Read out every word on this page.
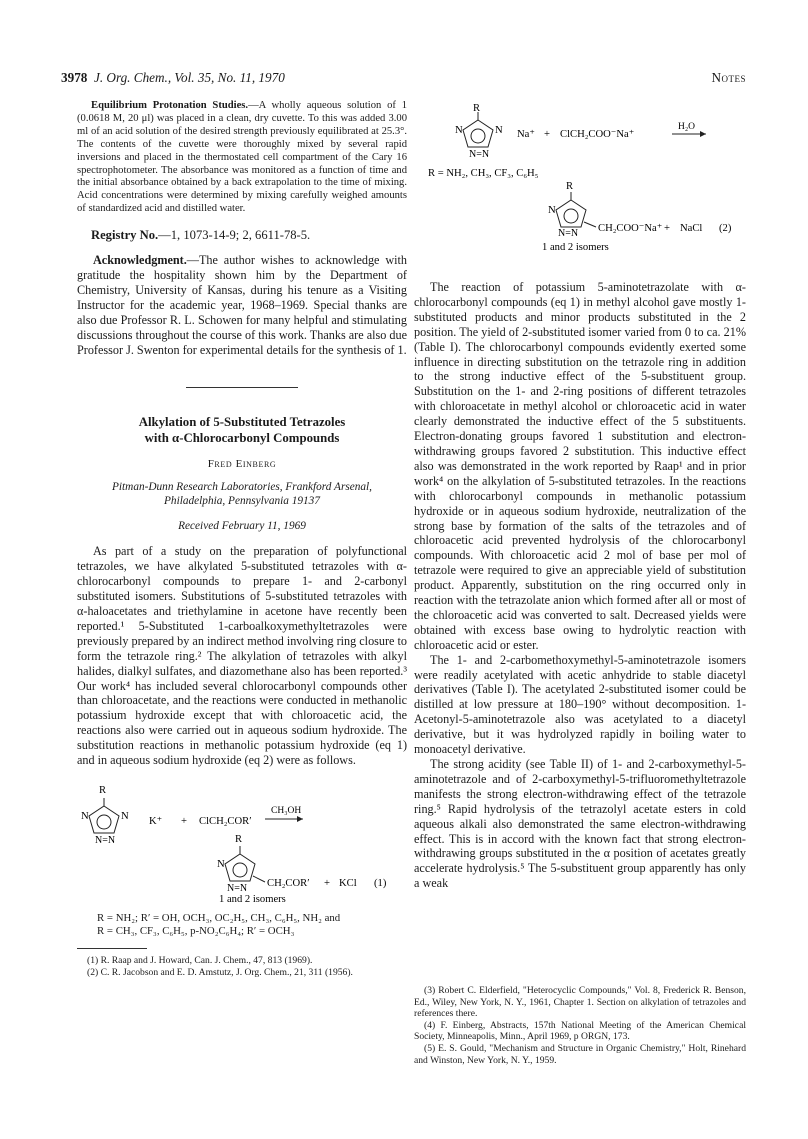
3978 J. Org. Chem., Vol. 35, No. 11, 1970	Notes

Equilibrium Protonation Studies.—A wholly aqueous solution of 1 (0.0618 M, 20 μl) was placed in a clean, dry cuvette. To this was added 3.00 ml of an acid solution of the desired strength previously equilibrated at 25.3°. The contents of the cuvette were thoroughly mixed by several rapid inversions and placed in the thermostated cell compartment of the Cary 16 spectrophotometer. The absorbance was monitored as a function of time and the initial absorbance obtained by a back extrapolation to the time of mixing. Acid concentrations were determined by mixing carefully weighed amounts of standardized acid and distilled water.

Registry No.—1, 1073-14-9; 2, 6611-78-5.

Acknowledgment.—The author wishes to acknowledge with gratitude the hospitality shown him by the Department of Chemistry, University of Kansas, during his tenure as a Visiting Instructor for the academic year, 1968–1969. Special thanks are also due Professor R. L. Schowen for many helpful and stimulating discussions throughout the course of this work. Thanks are also due Professor J. Swenton for experimental details for the synthesis of 1.

Alkylation of 5-Substituted Tetrazoles

with α-Chlorocarbonyl Compounds

Fred Einberg
Pitman-Dunn Research Laboratories, Frankford Arsenal,
Philadelphia, Pennsylvania 19137
Received February 11, 1969

As part of a study on the preparation of polyfunctional tetrazoles, we have alkylated 5-substituted tetrazoles with α-chlorocarbonyl compounds to prepare 1- and 2-carbonyl substituted isomers. Substitutions of 5-substituted tetrazoles with α-haloacetates and triethylamine in acetone have recently been reported.¹ 5-Substituted 1-carboalkoxymethyltetrazoles were previously prepared by an indirect method involving ring closure to form the tetrazole ring.² The alkylation of tetrazoles with alkyl halides, dialkyl sulfates, and diazomethane also has been reported.³ Our work⁴ has included several chlorocarbonyl compounds other than chloroacetate, and the reactions were conducted in methanolic potassium hydroxide except that with chloroacetic acid, the reactions also were carried out in aqueous sodium hydroxide. The substitution reactions in methanolic potassium hydroxide (eq 1) and in aqueous sodium hydroxide (eq 2) were as follows.

R
N	N
N=N
K⁺ + ClCH₂COR′
CH₃OH
R
N
N=N CH₂COR′ + KCl (1)
1 and 2 isomers
R = NH₂; R′ = OH, OCH₃, OC₂H₅, CH₃, C₆H₅, NH₂ and
R = CH₃, CF₃, C₆H₅, p-NO₂C₆H₄; R′ = OCH₃

(1) R. Raap and J. Howard, Can. J. Chem., 47, 813 (1969).

(2) C. R. Jacobson and E. D. Amstutz, J. Org. Chem., 21, 311 (1956).

R
N	N
N=N
Na⁺ + ClCH₂COO⁻Na⁺
H₂O
R = NH₂, CH₃, CF₃, C₆H₅
R
N
N=N CH₂COO⁻Na⁺ + NaCl (2)
1 and 2 isomers

The reaction of potassium 5-aminotetrazolate with α-chlorocarbonyl compounds (eq 1) in methyl alcohol gave mostly 1-substituted products and minor products substituted in the 2 position. The yield of 2-substituted isomer varied from 0 to ca. 21% (Table I). The chlorocarbonyl compounds evidently exerted some influence in directing substitution on the tetrazole ring in addition to the strong inductive effect of the 5-substituent group. Substitution on the 1- and 2-ring positions of different tetrazoles with chloroacetate in methyl alcohol or chloroacetic acid in water clearly demonstrated the inductive effect of the 5 substituents. Electron-donating groups favored 1 substitution and electron-withdrawing groups favored 2 substitution. This inductive effect also was demonstrated in the work reported by Raap¹ and in prior work⁴ on the alkylation of 5-substituted tetrazoles. In the reactions with chlorocarbonyl compounds in methanolic potassium hydroxide or in aqueous sodium hydroxide, neutralization of the strong base by formation of the salts of the tetrazoles and of chloroacetic acid prevented hydrolysis of the chlorocarbonyl compounds. With chloroacetic acid 2 mol of base per mol of tetrazole were required to give an appreciable yield of substitution product. Apparently, substitution on the ring occurred only in reaction with the tetrazolate anion which formed after all or most of the chloroacetic acid was converted to salt. Decreased yields were obtained with excess base owing to hydrolytic reaction with chloroacetic acid or ester.

The 1- and 2-carbomethoxymethyl-5-aminotetrazole isomers were readily acetylated with acetic anhydride to stable diacetyl derivatives (Table I). The acetylated 2-substituted isomer could be distilled at low pressure at 180–190° without decomposition. 1-Acetonyl-5-aminotetrazole also was acetylated to a diacetyl derivative, but it was hydrolyzed rapidly in boiling water to monoacetyl derivative.

The strong acidity (see Table II) of 1- and 2-carboxymethyl-5-aminotetrazole and of 2-carboxymethyl-5-trifluoromethyltetrazole manifests the strong electron-withdrawing effect of the tetrazole ring.⁵ Rapid hydrolysis of the tetrazolyl acetate esters in cold aqueous alkali also demonstrated the same electron-withdrawing effect. This is in accord with the known fact that strong electron-withdrawing groups substituted in the α position of acetates greatly accelerate hydrolysis.⁵ The 5-substituent group apparently has only a weak

(3) Robert C. Elderfield, "Heterocyclic Compounds," Vol. 8, Frederick R. Benson, Ed., Wiley, New York, N. Y., 1961, Chapter 1. Section on alkylation of tetrazoles and references there.

(4) F. Einberg, Abstracts, 157th National Meeting of the American Chemical Society, Minneapolis, Minn., April 1969, p ORGN, 173.

(5) E. S. Gould, "Mechanism and Structure in Organic Chemistry," Holt, Rinehard and Winston, New York, N. Y., 1959.
